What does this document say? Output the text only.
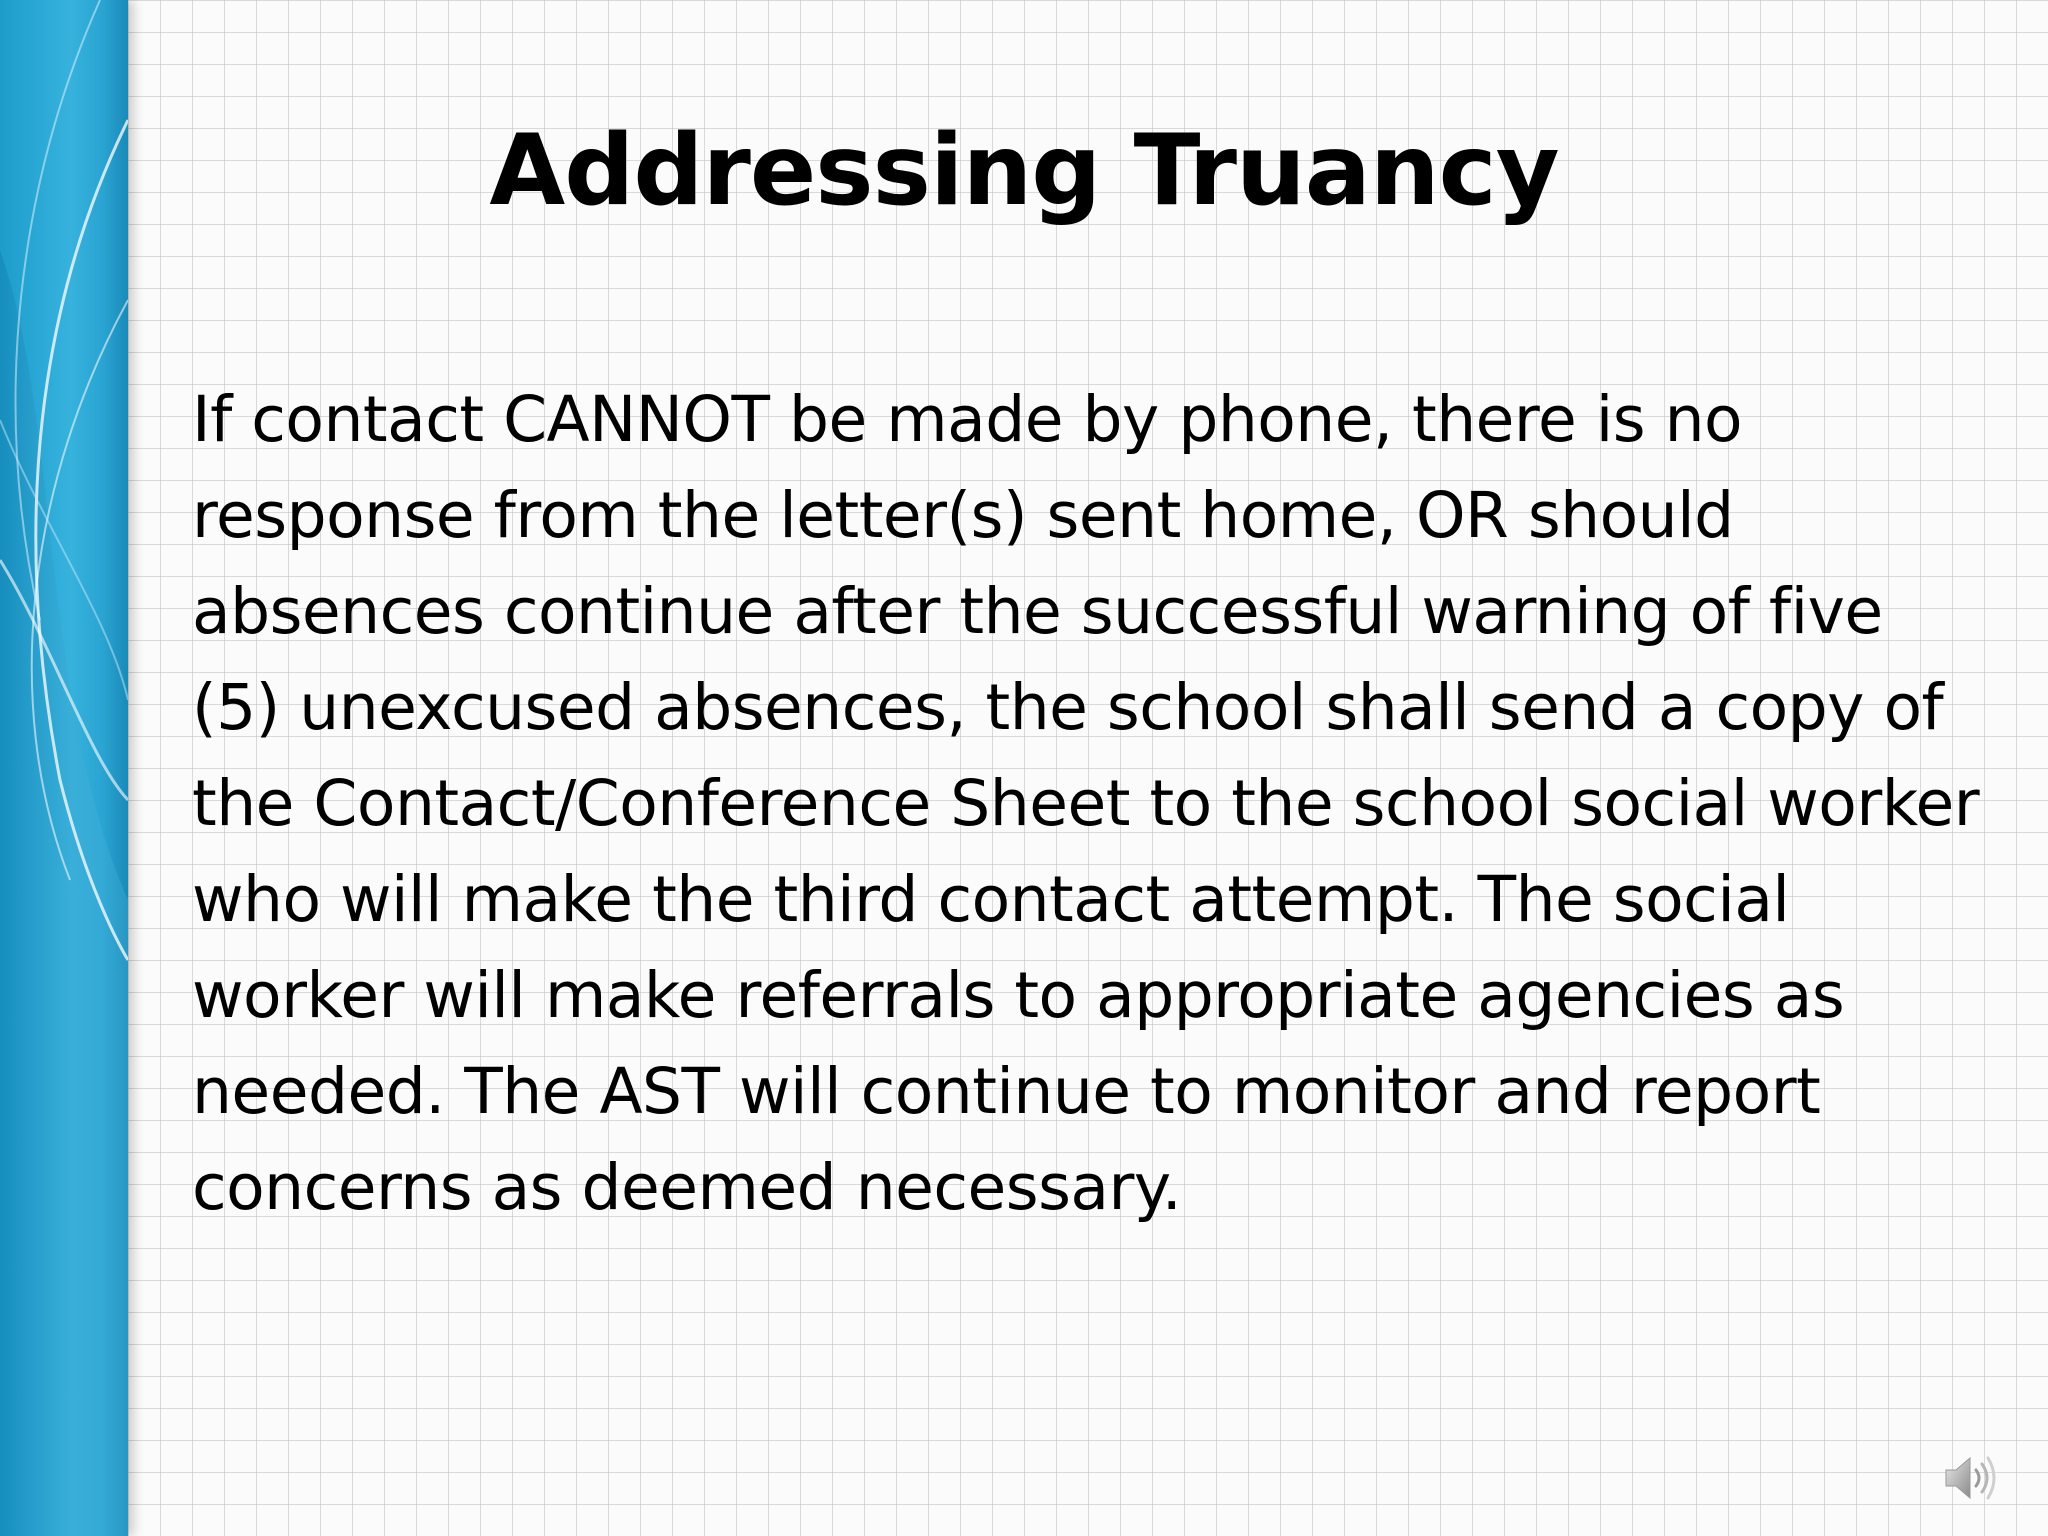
Addressing Truancy

If contact CANNOT be made by phone, there is no response from the letter(s) sent home, OR should absences continue after the successful warning of five (5) unexcused absences, the school shall send a copy of the Contact/Conference Sheet to the school social worker who will make the third contact attempt. The social worker will make referrals to appropriate agencies as needed. The AST will continue to monitor and report concerns as deemed necessary.
